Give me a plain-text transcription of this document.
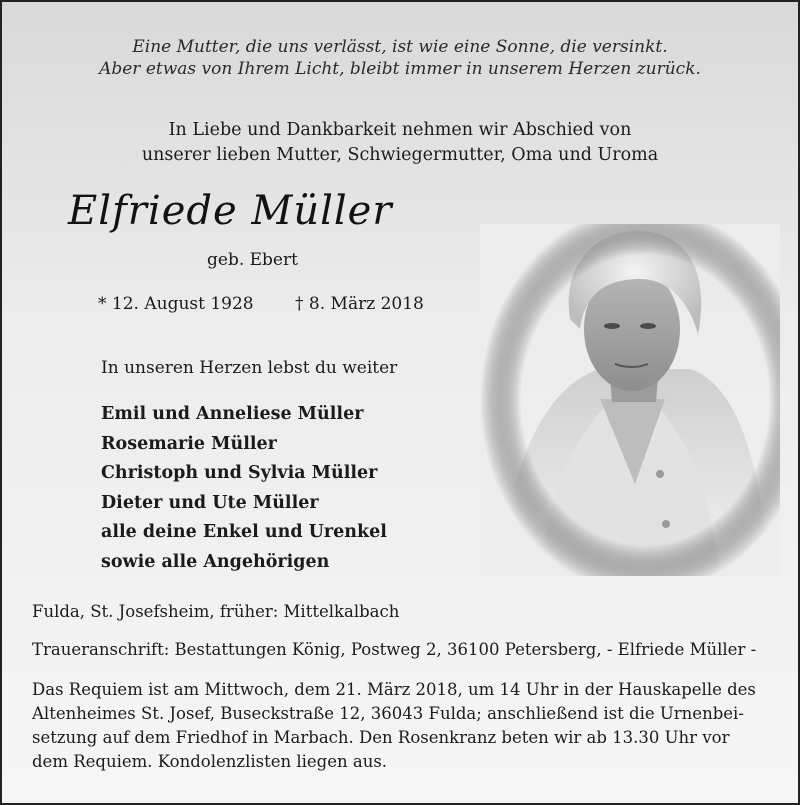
Eine Mutter, die uns verlässt, ist wie eine Sonne, die versinkt.
Aber etwas von Ihrem Licht, bleibt immer in unserem Herzen zurück.
In Liebe und Dankbarkeit nehmen wir Abschied von
unserer lieben Mutter, Schwiegermutter, Oma und Uroma
Elfriede Müller
geb. Ebert
* 12. August 1928 † 8. März 2018
In unseren Herzen lebst du weiter
Emil und Anneliese Müller
Rosemarie Müller
Christoph und Sylvia Müller
Dieter und Ute Müller
alle deine Enkel und Urenkel
sowie alle Angehörigen
Fulda, St. Josefsheim, früher: Mittelkalbach
Traueranschrift: Bestattungen König, Postweg 2, 36100 Petersberg, - Elfriede Müller -
Das Requiem ist am Mittwoch, dem 21. März 2018, um 14 Uhr in der Hauskapelle des
Altenheimes St. Josef, Buseckstraße 12, 36043 Fulda; anschließend ist die Urnenbei-
setzung auf dem Friedhof in Marbach. Den Rosenkranz beten wir ab 13.30 Uhr vor
dem Requiem. Kondolenzlisten liegen aus.
